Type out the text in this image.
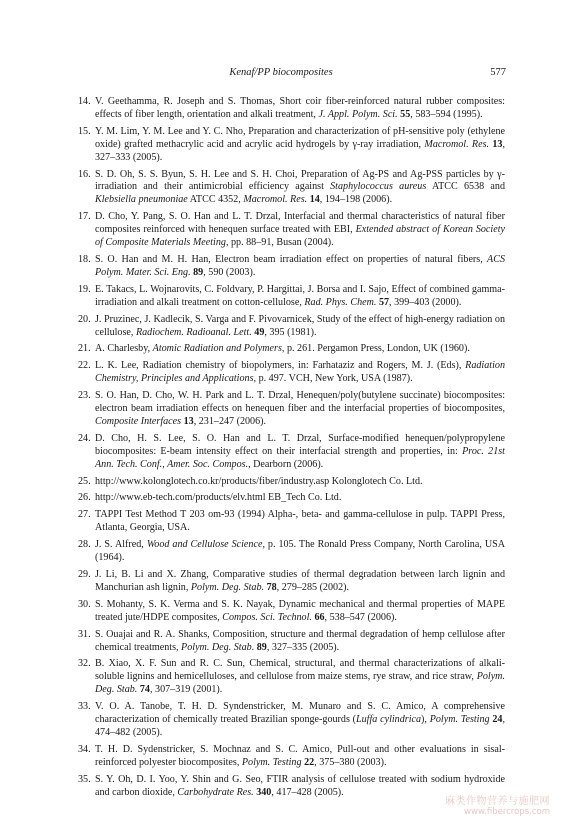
Kenaf/PP biocomposites	577
14. V. Geethamma, R. Joseph and S. Thomas, Short coir fiber-reinforced natural rubber composites: effects of fiber length, orientation and alkali treatment, J. Appl. Polym. Sci. 55, 583–594 (1995).
15. Y. M. Lim, Y. M. Lee and Y. C. Nho, Preparation and characterization of pH-sensitive poly (ethylene oxide) grafted methacrylic acid and acrylic acid hydrogels by γ-ray irradiation, Macromol. Res. 13, 327–333 (2005).
16. S. D. Oh, S. S. Byun, S. H. Lee and S. H. Choi, Preparation of Ag-PS and Ag-PSS particles by γ-irradiation and their antimicrobial efficiency against Staphylococcus aureus ATCC 6538 and Klebsiella pneumoniae ATCC 4352, Macromol. Res. 14, 194–198 (2006).
17. D. Cho, Y. Pang, S. O. Han and L. T. Drzal, Interfacial and thermal characteristics of natural fiber composites reinforced with henequen surface treated with EBI, Extended abstract of Korean Society of Composite Materials Meeting, pp. 88–91, Busan (2004).
18. S. O. Han and M. H. Han, Electron beam irradiation effect on properties of natural fibers, ACS Polym. Mater. Sci. Eng. 89, 590 (2003).
19. E. Takacs, L. Wojnarovits, C. Foldvary, P. Hargittai, J. Borsa and I. Sajo, Effect of combined gamma-irradiation and alkali treatment on cotton-cellulose, Rad. Phys. Chem. 57, 399–403 (2000).
20. J. Pruzinec, J. Kadlecik, S. Varga and F. Pivovarnicek, Study of the effect of high-energy radiation on cellulose, Radiochem. Radioanal. Lett. 49, 395 (1981).
21. A. Charlesby, Atomic Radiation and Polymers, p. 261. Pergamon Press, London, UK (1960).
22. L. K. Lee, Radiation chemistry of biopolymers, in: Farhataziz and Rogers, M. J. (Eds), Radiation Chemistry, Principles and Applications, p. 497. VCH, New York, USA (1987).
23. S. O. Han, D. Cho, W. H. Park and L. T. Drzal, Henequen/poly(butylene succinate) biocomposites: electron beam irradiation effects on henequen fiber and the interfacial properties of biocomposites, Composite Interfaces 13, 231–247 (2006).
24. D. Cho, H. S. Lee, S. O. Han and L. T. Drzal, Surface-modified henequen/polypropylene biocomposites: E-beam intensity effect on their interfacial strength and properties, in: Proc. 21st Ann. Tech. Conf., Amer. Soc. Compos., Dearborn (2006).
25. http://www.kolonglotech.co.kr/products/fiber/industry.asp Kolonglotech Co. Ltd.
26. http://www.eb-tech.com/products/elv.html EB_Tech Co. Ltd.
27. TAPPI Test Method T 203 om-93 (1994) Alpha-, beta- and gamma-cellulose in pulp. TAPPI Press, Atlanta, Georgia, USA.
28. J. S. Alfred, Wood and Cellulose Science, p. 105. The Ronald Press Company, North Carolina, USA (1964).
29. J. Li, B. Li and X. Zhang, Comparative studies of thermal degradation between larch lignin and Manchurian ash lignin, Polym. Deg. Stab. 78, 279–285 (2002).
30. S. Mohanty, S. K. Verma and S. K. Nayak, Dynamic mechanical and thermal properties of MAPE treated jute/HDPE composites, Compos. Sci. Technol. 66, 538–547 (2006).
31. S. Ouajai and R. A. Shanks, Composition, structure and thermal degradation of hemp cellulose after chemical treatments, Polym. Deg. Stab. 89, 327–335 (2005).
32. B. Xiao, X. F. Sun and R. C. Sun, Chemical, structural, and thermal characterizations of alkali-soluble lignins and hemicelluloses, and cellulose from maize stems, rye straw, and rice straw, Polym. Deg. Stab. 74, 307–319 (2001).
33. V. O. A. Tanobe, T. H. D. Syndenstricker, M. Munaro and S. C. Amico, A comprehensive characterization of chemically treated Brazilian sponge-gourds (Luffa cylindrica), Polym. Testing 24, 474–482 (2005).
34. T. H. D. Sydenstricker, S. Mochnaz and S. C. Amico, Pull-out and other evaluations in sisal-reinforced polyester biocomposites, Polym. Testing 22, 375–380 (2003).
35. S. Y. Oh, D. I. Yoo, Y. Shin and G. Seo, FTIR analysis of cellulose treated with sodium hydroxide and carbon dioxide, Carbohydrate Res. 340, 417–428 (2005).
麻类作物营养与施肥网
www.fibercrops.com
